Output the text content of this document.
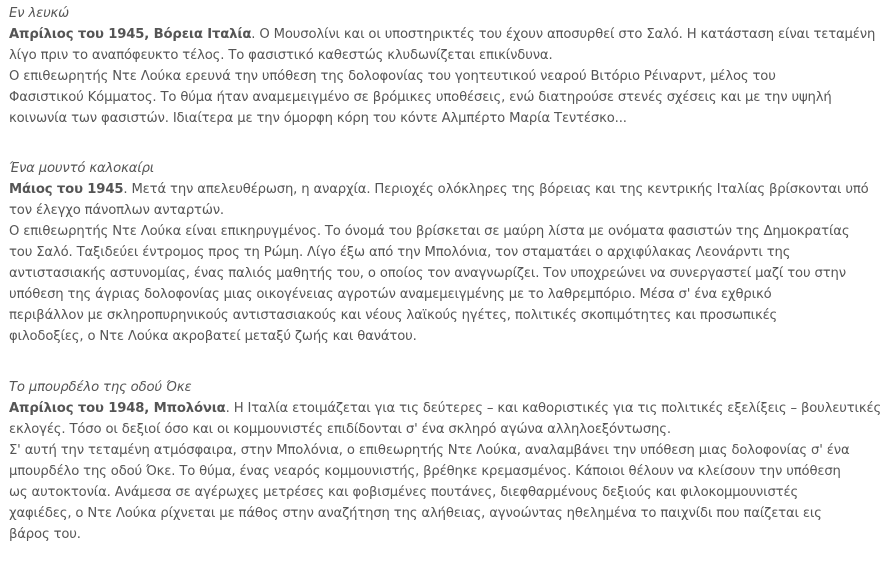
Εν λευκώ
Απρίλιος του 1945, Βόρεια Ιταλία. Ο Μουσολίνι και οι υποστηρικτές του έχουν αποσυρθεί στο Σαλό. Η κατάσταση είναι τεταμένη
λίγο πριν το αναπόφευκτο τέλος. Το φασιστικό καθεστώς κλυδωνίζεται επικίνδυνα.
Ο επιθεωρητής Ντε Λούκα ερευνά την υπόθεση της δολοφονίας του γοητευτικού νεαρού Βιτόριο Ρέιναρντ, μέλος του
Φασιστικού Κόμματος. Το θύμα ήταν αναμεμειγμένο σε βρόμικες υποθέσεις, ενώ διατηρούσε στενές σχέσεις και με την υψηλή
κοινωνία των φασιστών. Ιδιαίτερα με την όμορφη κόρη του κόντε Αλμπέρτο Μαρία Τεντέσκο...
Ένα μουντό καλοκαίρι
Μάιος του 1945. Μετά την απελευθέρωση, η αναρχία. Περιοχές ολόκληρες της βόρειας και της κεντρικής Ιταλίας βρίσκονται υπό
τον έλεγχο πάνοπλων ανταρτών.
Ο επιθεωρητής Ντε Λούκα είναι επικηρυγμένος. Το όνομά του βρίσκεται σε μαύρη λίστα με ονόματα φασιστών της Δημοκρατίας
του Σαλό. Ταξιδεύει έντρομος προς τη Ρώμη. Λίγο έξω από την Μπολόνια, τον σταματάει ο αρχιφύλακας Λεονάρντι της
αντιστασιακής αστυνομίας, ένας παλιός μαθητής του, ο οποίος τον αναγνωρίζει. Τον υποχρεώνει να συνεργαστεί μαζί του στην
υπόθεση της άγριας δολοφονίας μιας οικογένειας αγροτών αναμεμειγμένης με το λαθρεμπόριο. Μέσα σ' ένα εχθρικό
περιβάλλον με σκληροπυρηνικούς αντιστασιακούς και νέους λαϊκούς ηγέτες, πολιτικές σκοπιμότητες και προσωπικές
φιλοδοξίες, ο Ντε Λούκα ακροβατεί μεταξύ ζωής και θανάτου.
Το μπουρδέλο της οδού Όκε
Απρίλιος του 1948, Μπολόνια. Η Ιταλία ετοιμάζεται για τις δεύτερες – και καθοριστικές για τις πολιτικές εξελίξεις – βουλευτικές
εκλογές. Τόσο οι δεξιοί όσο και οι κομμουνιστές επιδίδονται σ' ένα σκληρό αγώνα αλληλοεξόντωσης.
Σ' αυτή την τεταμένη ατμόσφαιρα, στην Μπολόνια, ο επιθεωρητής Ντε Λούκα, αναλαμβάνει την υπόθεση μιας δολοφονίας σ' ένα
μπουρδέλο της οδού Όκε. Το θύμα, ένας νεαρός κομμουνιστής, βρέθηκε κρεμασμένος. Κάποιοι θέλουν να κλείσουν την υπόθεση
ως αυτοκτονία. Ανάμεσα σε αγέρωχες μετρέσες και φοβισμένες πουτάνες, διεφθαρμένους δεξιούς και φιλοκομμουνιστές
χαφιέδες, ο Ντε Λούκα ρίχνεται με πάθος στην αναζήτηση της αλήθειας, αγνοώντας ηθελημένα το παιχνίδι που παίζεται εις
βάρος του.
